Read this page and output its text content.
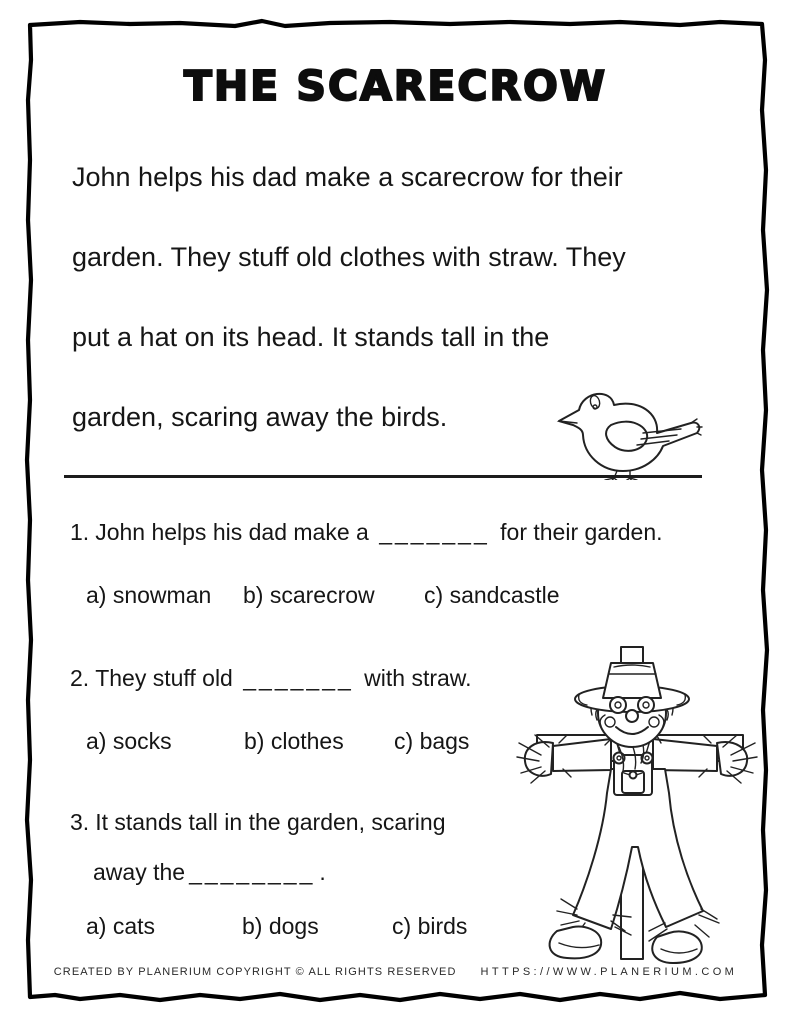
THE SCARECROW
John helps his dad make a scarecrow for their
garden. They stuff old clothes with straw. They
put a hat on its head. It stands tall in the
garden, scaring away the birds.
1. John helps his dad make a _______ for their garden.
a) snowman	b) scarecrow	c) sandcastle
2. They stuff old _______ with straw.
a) socks	b) clothes	c) bags
3. It stands tall in the garden, scaring
away the ________ .
a) cats	b) dogs	c) birds
CREATED BY PLANERIUM COPYRIGHT © ALL RIGHTS RESERVED HTTPS://WWW.PLANERIUM.COM
